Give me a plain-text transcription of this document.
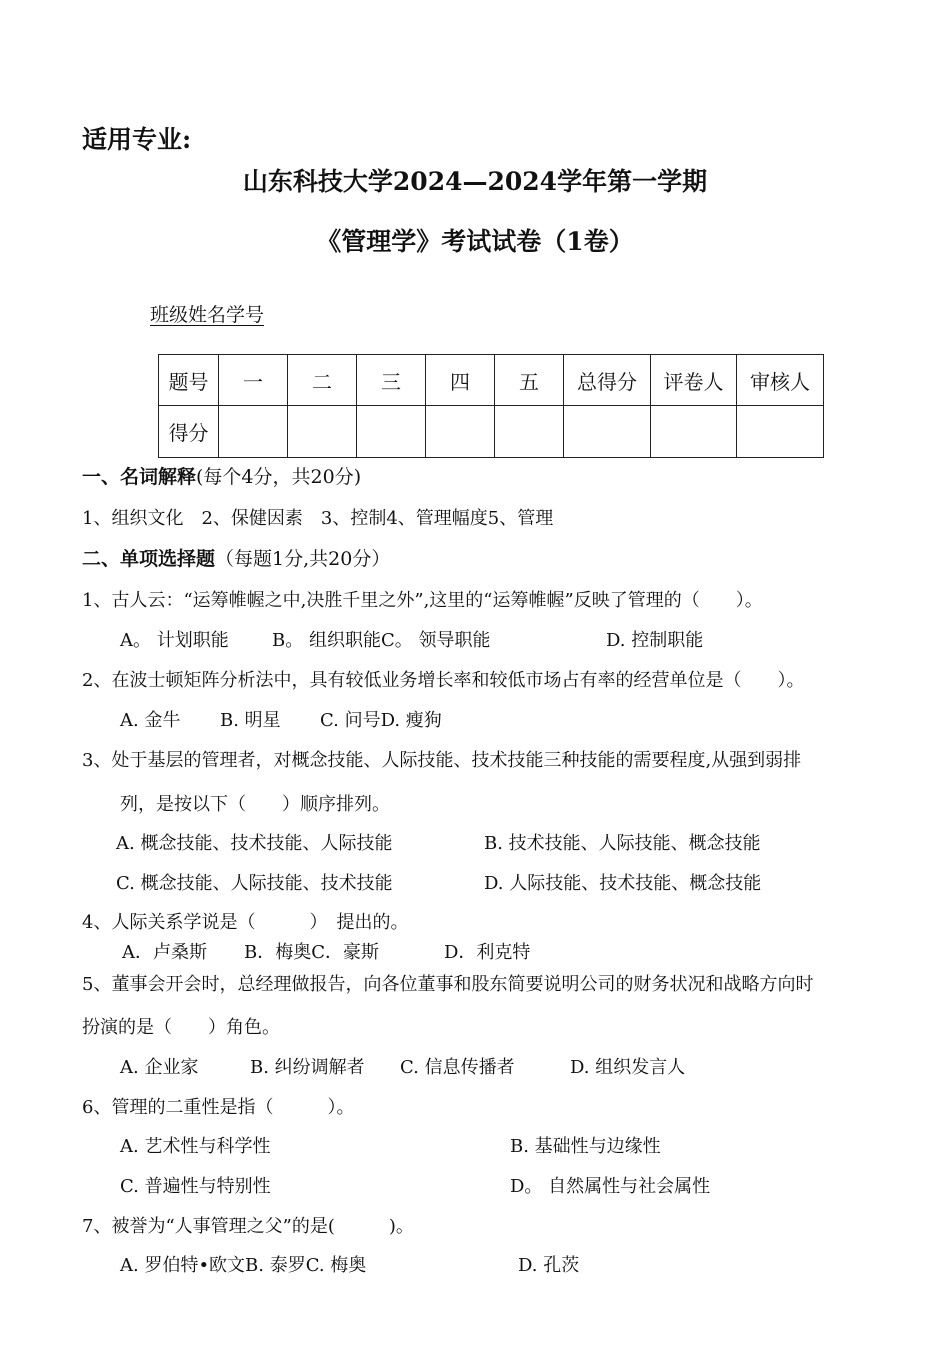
适用专业:
山东科技大学2024—2024学年第一学期
《管理学》考试试卷（1卷）
班级姓名学号
题号	一	二	三	四	五	总得分	评卷人	审核人
得分								
一、名词解释(每个4分，共20分)
1、组织文化　2、保健因素　3、控制4、管理幅度5、管理
二、单项选择题（每题1分,共20分）
1、古人云：“运筹帷幄之中,决胜千里之外”,这里的“运筹帷幄”反映了管理的（　　）。
A。 计划职能 B。 组织职能C。 领导职能	D. 控制职能
2、在波士顿矩阵分析法中，具有较低业务增长率和较低市场占有率的经营单位是（　　）。
A. 金牛 B. 明星 C. 问号D. 瘦狗
3、处于基层的管理者，对概念技能、人际技能、技术技能三种技能的需要程度,从强到弱排
列，是按以下（　　）顺序排列。
A. 概念技能、技术技能、人际技能	B. 技术技能、人际技能、概念技能
C. 概念技能、人际技能、技术技能	D. 人际技能、技术技能、概念技能
4、人际关系学说是（　　　）　提出的。
A．卢桑斯 B．梅奥C．豪斯	D．利克特
5、董事会开会时，总经理做报告，向各位董事和股东简要说明公司的财务状况和战略方向时
扮演的是（　　）角色。
A. 企业家	B. 纠纷调解者 C. 信息传播者	D. 组织发言人
6、管理的二重性是指（　　　）。
A. 艺术性与科学性	B. 基础性与边缘性
C. 普遍性与特别性	D。 自然属性与社会属性
7、被誉为“人事管理之父”的是(　　　)。
A. 罗伯特•欧文B. 泰罗C. 梅奥	D. 孔茨
